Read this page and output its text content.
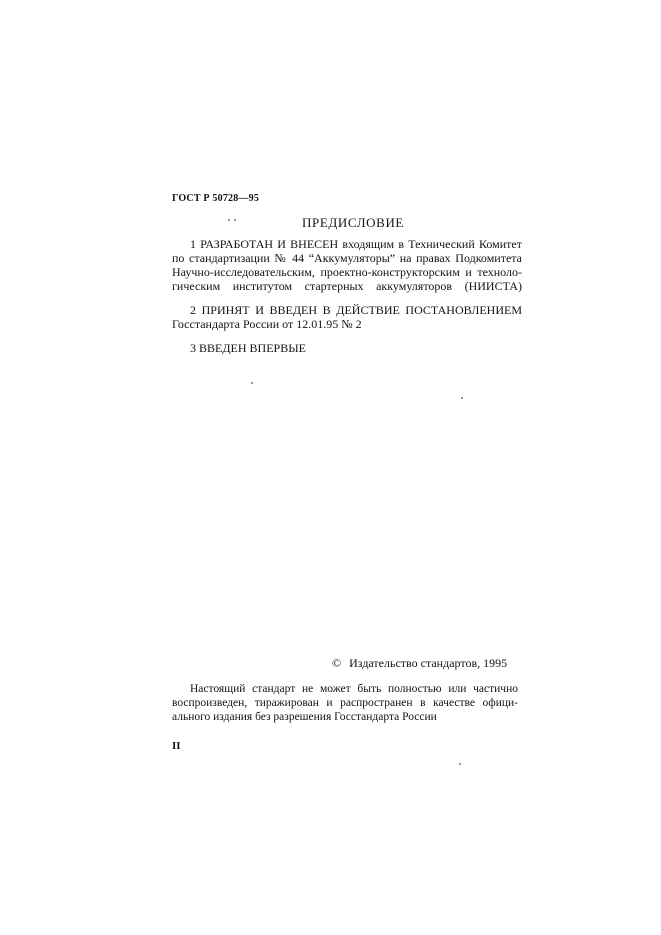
ГОСТ Р 50728—95
ПРЕДИСЛОВИЕ
1 РАЗРАБОТАН И ВНЕСЕН входящим в Технический Комитет
по стандартизации № 44 “Аккумуляторы” на правах Подкомитета
Научно-исследовательским, проектно-конструкторским и техноло-
гическим институтом стартерных аккумуляторов (НИИСТА)
2 ПРИНЯТ И ВВЕДЕН В ДЕЙСТВИЕ ПОСТАНОВЛЕНИЕМ
Госстандарта России от 12.01.95 № 2
3 ВВЕДЕН ВПЕРВЫЕ
© Издательство стандартов, 1995
Настоящий стандарт не может быть полностью или частично
воспроизведен, тиражирован и распространен в качестве офици-
ального издания без разрешения Госстандарта России
II
